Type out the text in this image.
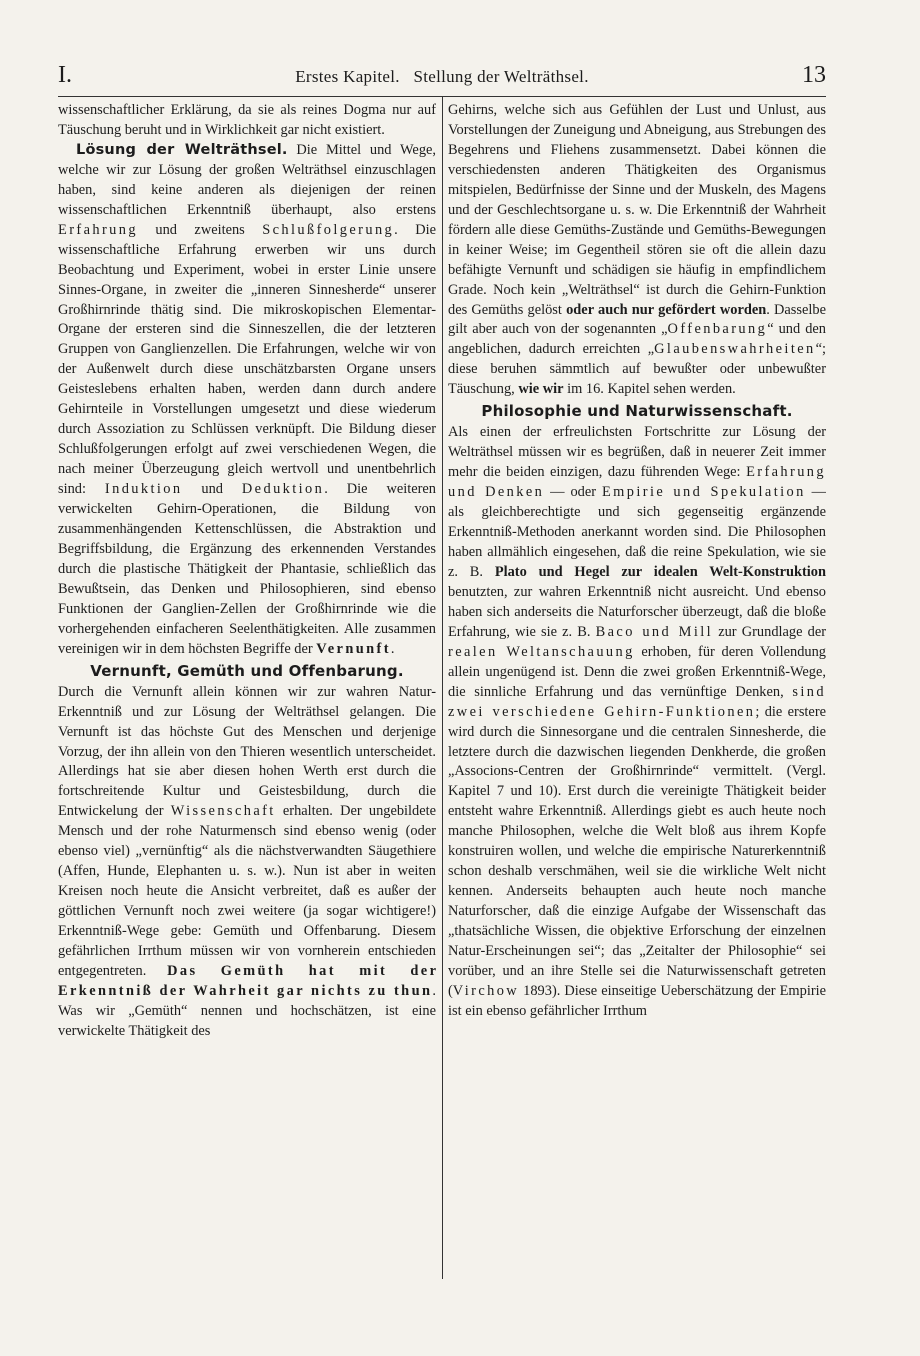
I.	Erstes Kapitel.   Stellung der Welträthsel.	13

wissenschaftlicher Erklärung, da sie als reines Dogma nur auf Täuschung beruht und in Wirklichkeit gar nicht existiert.

Lösung der Welträthsel. Die Mittel und Wege, welche wir zur Lösung der großen Welträthsel einzuschlagen haben, sind keine anderen als diejenigen der reinen wissenschaftlichen Erkenntniß überhaupt, also erstens Erfahrung und zweitens Schlußfolgerung. Die wissenschaftliche Erfahrung erwerben wir uns durch Beobachtung und Experiment, wobei in erster Linie unsere Sinnes-Organe, in zweiter die „inneren Sinnesherde“ unserer Großhirnrinde thätig sind. Die mikroskopischen Elementar-Organe der ersteren sind die Sinneszellen, die der letzteren Gruppen von Ganglienzellen. Die Erfahrungen, welche wir von der Außenwelt durch diese unschätzbarsten Organe unsers Geisteslebens erhalten haben, werden dann durch andere Gehirnteile in Vorstellungen umgesetzt und diese wiederum durch Assoziation zu Schlüssen verknüpft. Die Bildung dieser Schlußfolgerungen erfolgt auf zwei verschiedenen Wegen, die nach meiner Überzeugung gleich wertvoll und unentbehrlich sind: Induktion und Deduktion. Die weiteren verwickelten Gehirn-Operationen, die Bildung von zusammenhängenden Kettenschlüssen, die Abstraktion und Begriffsbildung, die Ergänzung des erkennenden Verstandes durch die plastische Thätigkeit der Phantasie, schließlich das Bewußtsein, das Denken und Philosophieren, sind ebenso Funktionen der Ganglien-Zellen der Großhirnrinde wie die vorhergehenden einfacheren Seelenthätigkeiten. Alle zusammen vereinigen wir in dem höchsten Begriffe der Vernunft.

Vernunft, Gemüth und Offenbarung.

Durch die Vernunft allein können wir zur wahren Natur-Erkenntniß und zur Lösung der Welträthsel gelangen. Die Vernunft ist das höchste Gut des Menschen und derjenige Vorzug, der ihn allein von den Thieren wesentlich unterscheidet. Allerdings hat sie aber diesen hohen Werth erst durch die fortschreitende Kultur und Geistesbildung, durch die Entwickelung der Wissenschaft erhalten. Der ungebildete Mensch und der rohe Naturmensch sind ebenso wenig (oder ebenso viel) „vernünftig“ als die nächstverwandten Säugethiere (Affen, Hunde, Elephanten u. s. w.). Nun ist aber in weiten Kreisen noch heute die Ansicht verbreitet, daß es außer der göttlichen Vernunft noch zwei weitere (ja sogar wichtigere!) Erkenntniß-Wege gebe: Gemüth und Offenbarung. Diesem gefährlichen Irrthum müssen wir von vornherein entschieden entgegentreten. Das Gemüth hat mit der Erkenntniß der Wahrheit gar nichts zu thun. Was wir „Gemüth“ nennen und hochschätzen, ist eine verwickelte Thätigkeit des

Gehirns, welche sich aus Gefühlen der Lust und Unlust, aus Vorstellungen der Zuneigung und Abneigung, aus Strebungen des Begehrens und Fliehens zusammensetzt. Dabei können die verschiedensten anderen Thätigkeiten des Organismus mitspielen, Bedürfnisse der Sinne und der Muskeln, des Magens und der Geschlechtsorgane u. s. w. Die Erkenntniß der Wahrheit fördern alle diese Gemüths-Zustände und Gemüths-Bewegungen in keiner Weise; im Gegentheil stören sie oft die allein dazu befähigte Vernunft und schädigen sie häufig in empfindlichem Grade. Noch kein „Welträthsel“ ist durch die Gehirn-Funktion des Gemüths gelöst oder auch nur gefördert worden. Dasselbe gilt aber auch von der sogenannten „Offenbarung“ und den angeblichen, dadurch erreichten „Glaubenswahrheiten“; diese beruhen sämmtlich auf bewußter oder unbewußter Täuschung, wie wir im 16. Kapitel sehen werden.

Philosophie und Naturwissenschaft.

Als einen der erfreulichsten Fortschritte zur Lösung der Welträthsel müssen wir es begrüßen, daß in neuerer Zeit immer mehr die beiden einzigen, dazu führenden Wege: Erfahrung und Denken — oder Empirie und Spekulation — als gleichberechtigte und sich gegenseitig ergänzende Erkenntniß-Methoden anerkannt worden sind. Die Philosophen haben allmählich eingesehen, daß die reine Spekulation, wie sie z. B. Plato und Hegel zur idealen Welt-Konstruktion benutzten, zur wahren Erkenntniß nicht ausreicht. Und ebenso haben sich anderseits die Naturforscher überzeugt, daß die bloße Erfahrung, wie sie z. B. Baco und Mill zur Grundlage der realen Weltanschauung erhoben, für deren Vollendung allein ungenügend ist. Denn die zwei großen Erkenntniß-Wege, die sinnliche Erfahrung und das vernünftige Denken, sind zwei verschiedene Gehirn-Funktionen; die erstere wird durch die Sinnesorgane und die centralen Sinnesherde, die letztere durch die dazwischen liegenden Denkherde, die großen „Associons-Centren der Großhirnrinde“ vermittelt. (Vergl. Kapitel 7 und 10). Erst durch die vereinigte Thätigkeit beider entsteht wahre Erkenntniß. Allerdings giebt es auch heute noch manche Philosophen, welche die Welt bloß aus ihrem Kopfe konstruiren wollen, und welche die empirische Naturerkenntniß schon deshalb verschmähen, weil sie die wirkliche Welt nicht kennen. Anderseits behaupten auch heute noch manche Naturforscher, daß die einzige Aufgabe der Wissenschaft das „thatsächliche Wissen, die objektive Erforschung der einzelnen Natur-Erscheinungen sei“; das „Zeitalter der Philosophie“ sei vorüber, und an ihre Stelle sei die Naturwissenschaft getreten (Virchow 1893). Diese einseitige Ueberschätzung der Empirie ist ein ebenso gefährlicher Irrthum
